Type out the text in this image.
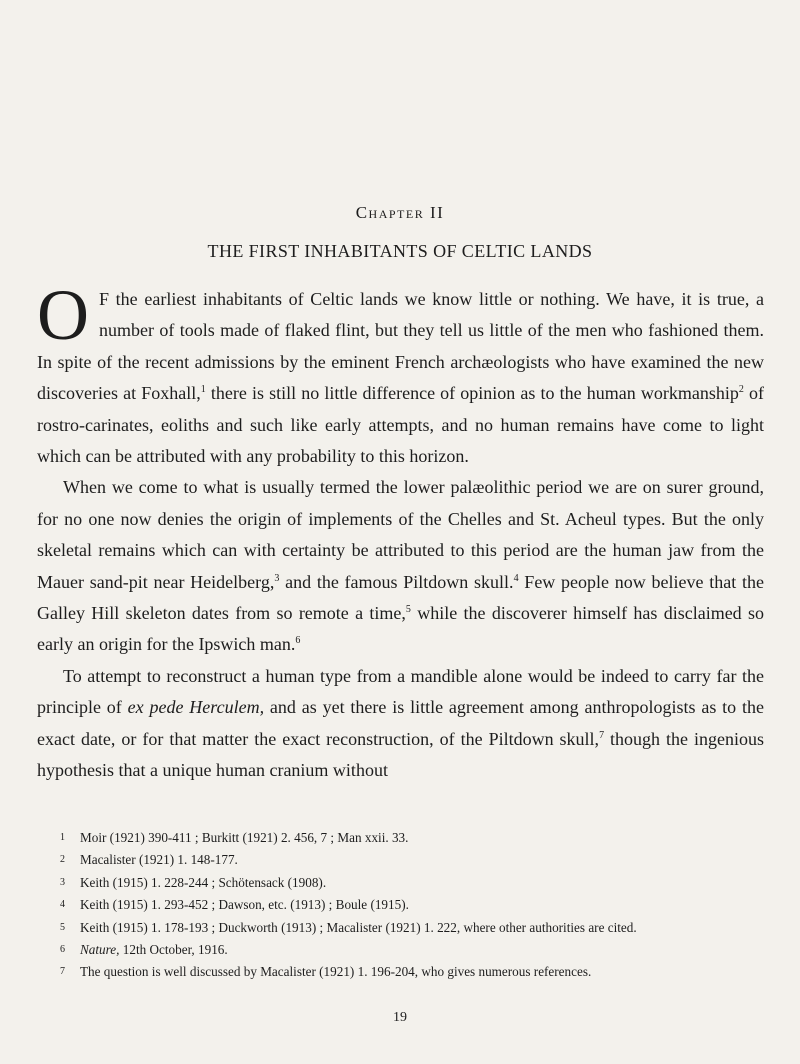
Chapter II
THE FIRST INHABITANTS OF CELTIC LANDS

O F the earliest inhabitants of Celtic lands we know little or nothing. We have, it is true, a number of tools made of flaked flint, but they tell us little of the men who fashioned them. In spite of the recent admissions by the eminent French archæologists who have examined the new discoveries at Foxhall,$^1$ there is still no little difference of opinion as to the human workmanship$^2$ of rostro-carinates, eoliths and such like early attempts, and no human remains have come to light which can be attributed with any probability to this horizon.

When we come to what is usually termed the lower palæolithic period we are on surer ground, for no one now denies the origin of implements of the Chelles and St. Acheul types. But the only skeletal remains which can with certainty be attributed to this period are the human jaw from the Mauer sand-pit near Heidelberg,$^3$ and the famous Piltdown skull.$^4$ Few people now believe that the Galley Hill skeleton dates from so remote a time,$^5$ while the discoverer himself has disclaimed so early an origin for the Ipswich man.$^6$

To attempt to reconstruct a human type from a mandible alone would be indeed to carry far the principle of ex pede Herculem, and as yet there is little agreement among anthropologists as to the exact date, or for that matter the exact reconstruction, of the Piltdown skull,$^7$ though the ingenious hypothesis that a unique human cranium without

1 Moir (1921) 390-411 ; Burkitt (1921) 2. 456, 7 ; Man xxii. 33.
2 Macalister (1921) 1. 148-177.
3 Keith (1915) 1. 228-244 ; Schötensack (1908).
4 Keith (1915) 1. 293-452 ; Dawson, etc. (1913) ; Boule (1915).
5 Keith (1915) 1. 178-193 ; Duckworth (1913) ; Macalister (1921) 1. 222, where other authorities are cited.
6 Nature, 12th October, 1916.
7 The question is well discussed by Macalister (1921) 1. 196-204, who gives numerous references.
19
